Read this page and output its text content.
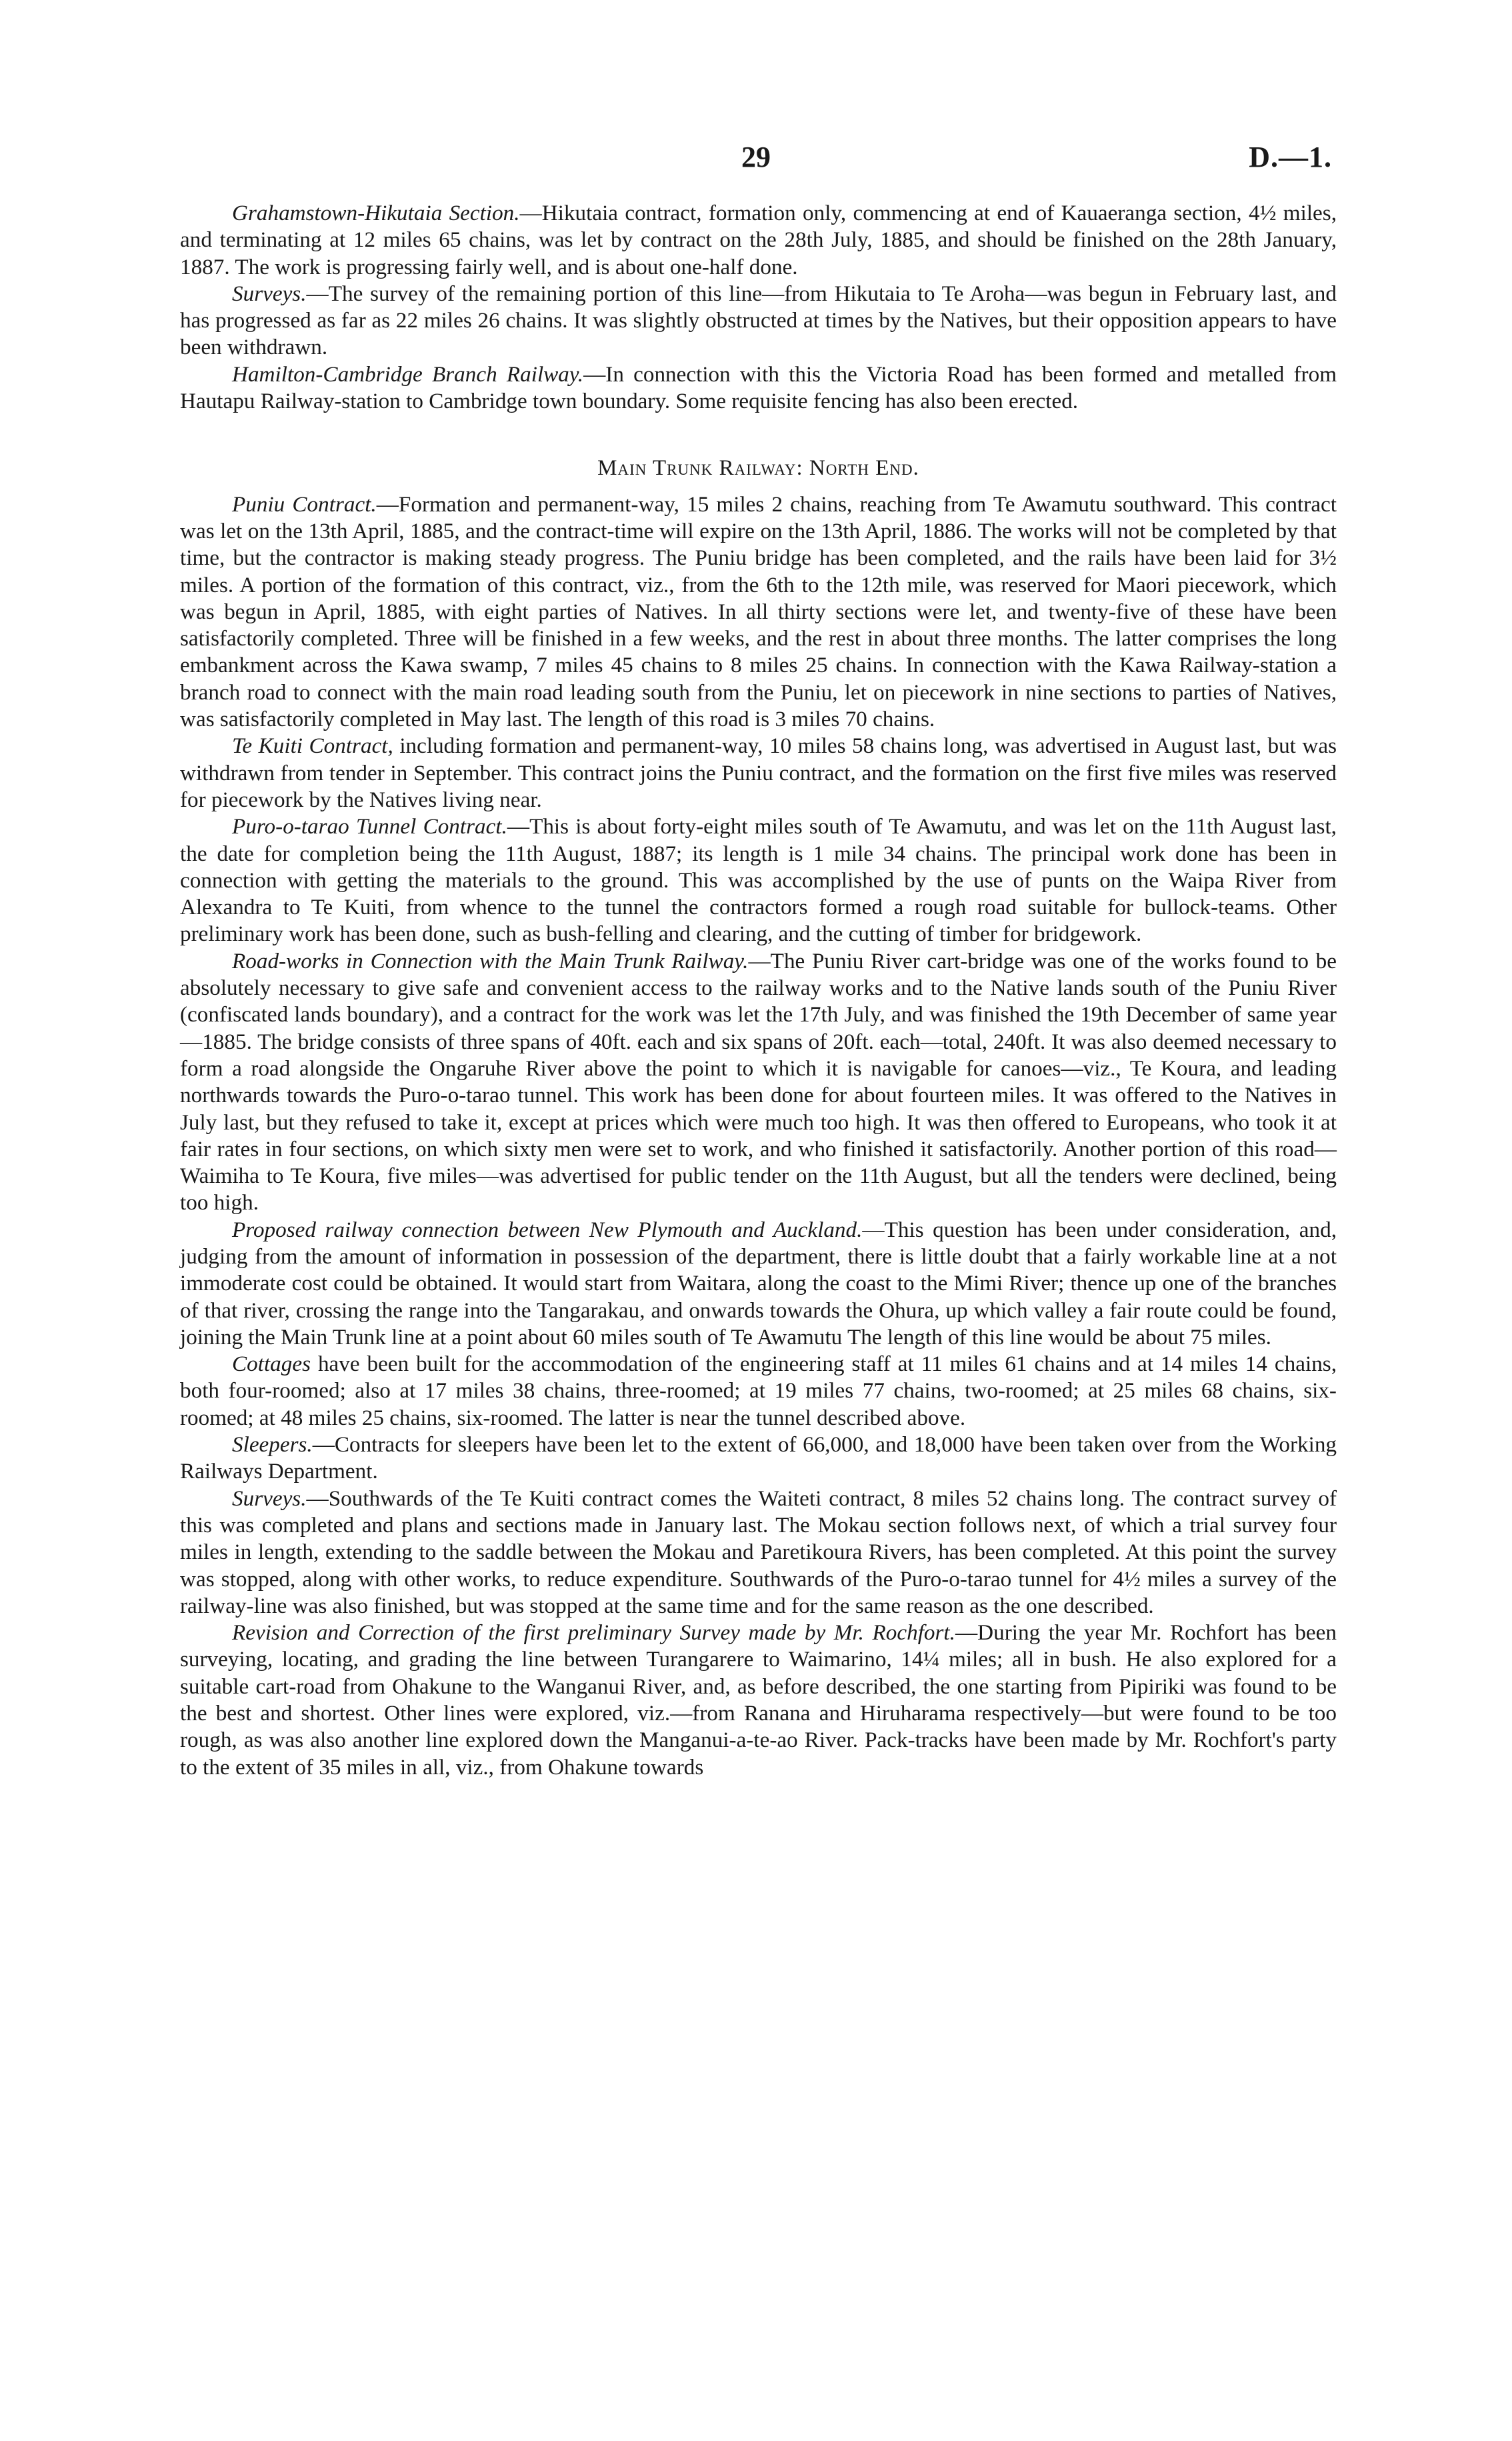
29	D.—1.

Grahamstown-Hikutaia Section.—Hikutaia contract, formation only, commencing at end of Kauaeranga section, 4½ miles, and terminating at 12 miles 65 chains, was let by contract on the 28th July, 1885, and should be finished on the 28th January, 1887. The work is progressing fairly well, and is about one-half done.

Surveys.—The survey of the remaining portion of this line—from Hikutaia to Te Aroha—was begun in February last, and has progressed as far as 22 miles 26 chains. It was slightly obstructed at times by the Natives, but their opposition appears to have been withdrawn.

Hamilton-Cambridge Branch Railway.—In connection with this the Victoria Road has been formed and metalled from Hautapu Railway-station to Cambridge town boundary. Some requisite fencing has also been erected.

Main Trunk Railway: North End.

Puniu Contract.—Formation and permanent-way, 15 miles 2 chains, reaching from Te Awamutu southward. This contract was let on the 13th April, 1885, and the contract-time will expire on the 13th April, 1886. The works will not be completed by that time, but the contractor is making steady progress. The Puniu bridge has been completed, and the rails have been laid for 3½ miles. A portion of the formation of this contract, viz., from the 6th to the 12th mile, was reserved for Maori piecework, which was begun in April, 1885, with eight parties of Natives. In all thirty sections were let, and twenty-five of these have been satisfactorily completed. Three will be finished in a few weeks, and the rest in about three months. The latter comprises the long embankment across the Kawa swamp, 7 miles 45 chains to 8 miles 25 chains. In connection with the Kawa Railway-station a branch road to connect with the main road leading south from the Puniu, let on piecework in nine sections to parties of Natives, was satisfactorily completed in May last. The length of this road is 3 miles 70 chains.

Te Kuiti Contract, including formation and permanent-way, 10 miles 58 chains long, was advertised in August last, but was withdrawn from tender in September. This contract joins the Puniu contract, and the formation on the first five miles was reserved for piecework by the Natives living near.

Puro-o-tarao Tunnel Contract.—This is about forty-eight miles south of Te Awamutu, and was let on the 11th August last, the date for completion being the 11th August, 1887; its length is 1 mile 34 chains. The principal work done has been in connection with getting the materials to the ground. This was accomplished by the use of punts on the Waipa River from Alexandra to Te Kuiti, from whence to the tunnel the contractors formed a rough road suitable for bullock-teams. Other preliminary work has been done, such as bush-felling and clearing, and the cutting of timber for bridgework.

Road-works in Connection with the Main Trunk Railway.—The Puniu River cart-bridge was one of the works found to be absolutely necessary to give safe and convenient access to the railway works and to the Native lands south of the Puniu River (confiscated lands boundary), and a contract for the work was let the 17th July, and was finished the 19th December of same year—1885. The bridge consists of three spans of 40ft. each and six spans of 20ft. each—total, 240ft. It was also deemed necessary to form a road alongside the Ongaruhe River above the point to which it is navigable for canoes—viz., Te Koura, and leading northwards towards the Puro-o-tarao tunnel. This work has been done for about fourteen miles. It was offered to the Natives in July last, but they refused to take it, except at prices which were much too high. It was then offered to Europeans, who took it at fair rates in four sections, on which sixty men were set to work, and who finished it satisfactorily. Another portion of this road—Waimiha to Te Koura, five miles—was advertised for public tender on the 11th August, but all the tenders were declined, being too high.

Proposed railway connection between New Plymouth and Auckland.—This question has been under consideration, and, judging from the amount of information in possession of the department, there is little doubt that a fairly workable line at a not immoderate cost could be obtained. It would start from Waitara, along the coast to the Mimi River; thence up one of the branches of that river, crossing the range into the Tangarakau, and onwards towards the Ohura, up which valley a fair route could be found, joining the Main Trunk line at a point about 60 miles south of Te Awamutu The length of this line would be about 75 miles.

Cottages have been built for the accommodation of the engineering staff at 11 miles 61 chains and at 14 miles 14 chains, both four-roomed; also at 17 miles 38 chains, three-roomed; at 19 miles 77 chains, two-roomed; at 25 miles 68 chains, six-roomed; at 48 miles 25 chains, six-roomed. The latter is near the tunnel described above.

Sleepers.—Contracts for sleepers have been let to the extent of 66,000, and 18,000 have been taken over from the Working Railways Department.

Surveys.—Southwards of the Te Kuiti contract comes the Waiteti contract, 8 miles 52 chains long. The contract survey of this was completed and plans and sections made in January last. The Mokau section follows next, of which a trial survey four miles in length, extending to the saddle between the Mokau and Paretikoura Rivers, has been completed. At this point the survey was stopped, along with other works, to reduce expenditure. Southwards of the Puro-o-tarao tunnel for 4½ miles a survey of the railway-line was also finished, but was stopped at the same time and for the same reason as the one described.

Revision and Correction of the first preliminary Survey made by Mr. Rochfort.—During the year Mr. Rochfort has been surveying, locating, and grading the line between Turangarere to Waimarino, 14¼ miles; all in bush. He also explored for a suitable cart-road from Ohakune to the Wanganui River, and, as before described, the one starting from Pipiriki was found to be the best and shortest. Other lines were explored, viz.—from Ranana and Hiruharama respectively—but were found to be too rough, as was also another line explored down the Manganui-a-te-ao River. Pack-tracks have been made by Mr. Rochfort's party to the extent of 35 miles in all, viz., from Ohakune towards
